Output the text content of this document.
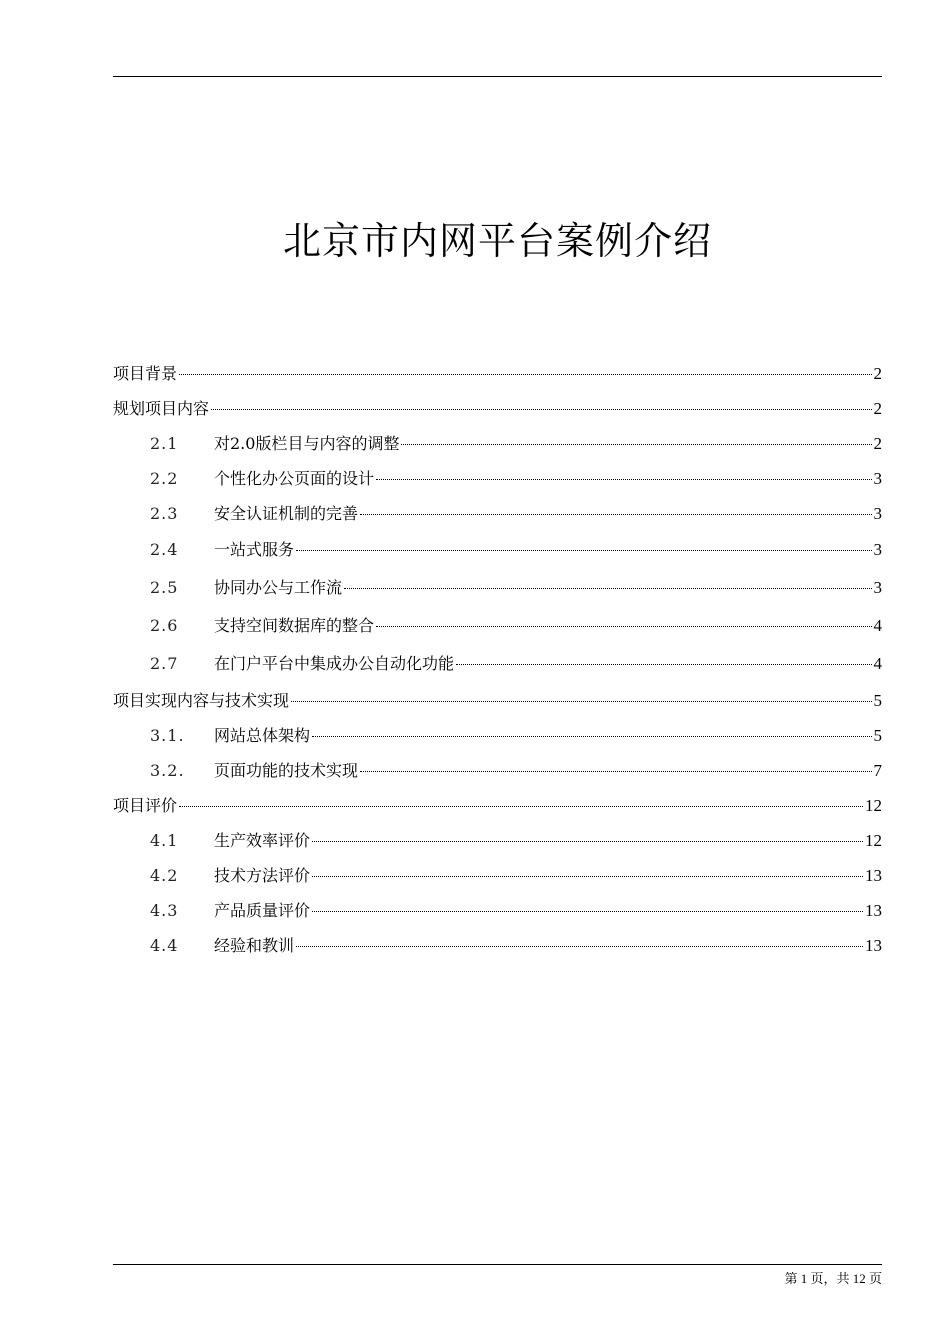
北京市内网平台案例介绍
项目背景	2
规划项目内容	2
2.1	对2.0版栏目与内容的调整	2
2.2	个性化办公页面的设计	3
2.3	安全认证机制的完善	3
2.4	一站式服务	3
2.5	协同办公与工作流	3
2.6	支持空间数据库的整合	4
2.7	在门户平台中集成办公自动化功能	4
项目实现内容与技术实现	5
3.1.	网站总体架构	5
3.2.	页面功能的技术实现	7
项目评价	12
4.1	生产效率评价	12
4.2	技术方法评价	13
4.3	产品质量评价	13
4.4	经验和教训	13
第 1 页，共 12 页
